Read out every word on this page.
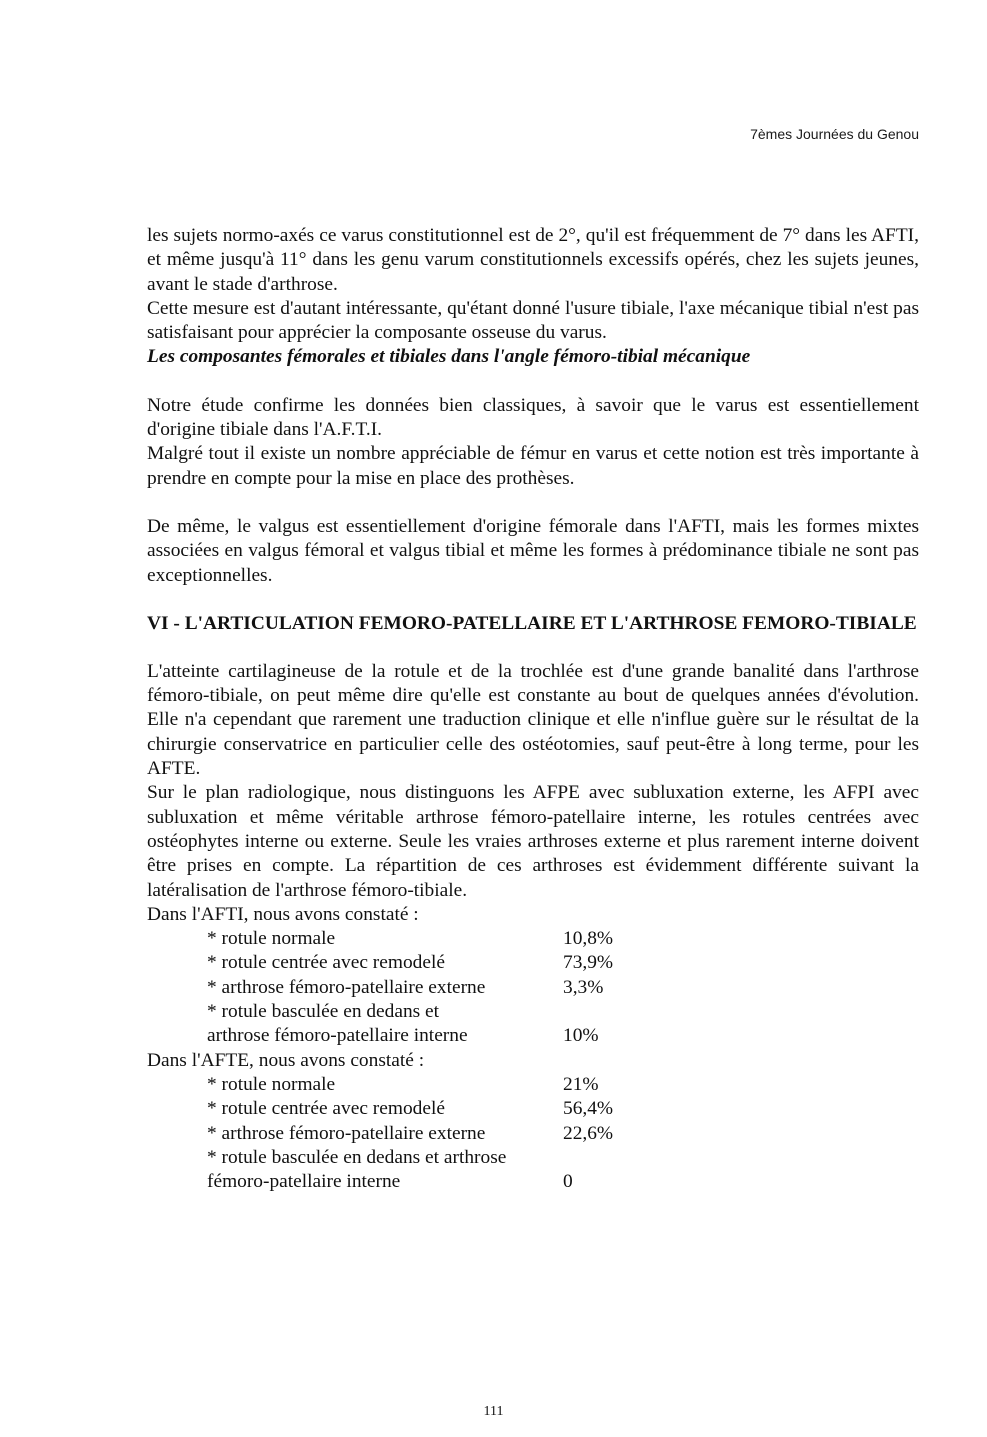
7èmes Journées du Genou

les sujets normo-axés ce varus constitutionnel est de 2°, qu'il est fréquemment de 7° dans les AFTI, et même jusqu'à 11° dans les genu varum constitutionnels excessifs opérés, chez les sujets jeunes, avant le stade d'arthrose.

Cette mesure est d'autant intéressante, qu'étant donné l'usure tibiale, l'axe mécanique tibial n'est pas satisfaisant pour apprécier la composante osseuse du varus.

Les composantes fémorales et tibiales dans l'angle fémoro-tibial mécanique

Notre étude confirme les données bien classiques, à savoir que le varus est essentiellement d'origine tibiale dans l'A.F.T.I.

Malgré tout il existe un nombre appréciable de fémur en varus et cette notion est très importante à prendre en compte pour la mise en place des prothèses.

De même, le valgus est essentiellement d'origine fémorale dans l'AFTI, mais les formes mixtes associées en valgus fémoral et valgus tibial et même les formes à prédominance tibiale ne sont pas exceptionnelles.

VI - L'ARTICULATION FEMORO-PATELLAIRE ET L'ARTHROSE FEMORO-TIBIALE

L'atteinte cartilagineuse de la rotule et de la trochlée est d'une grande banalité dans l'arthrose fémoro-tibiale, on peut même dire qu'elle est constante au bout de quelques années d'évolution. Elle n'a cependant que rarement une traduction clinique et elle n'influe guère sur le résultat de la chirurgie conservatrice en particulier celle des ostéotomies, sauf peut-être à long terme, pour les AFTE.

Sur le plan radiologique, nous distinguons les AFPE avec subluxation externe, les AFPI avec subluxation et même véritable arthrose fémoro-patellaire interne, les rotules centrées avec ostéophytes interne ou externe. Seule les vraies arthroses externe et plus rarement interne doivent être prises en compte. La répartition de ces arthroses est évidemment différente suivant la latéralisation de l'arthrose fémoro-tibiale.

Dans l'AFTI, nous avons constaté :
* rotule normale	10,8%
* rotule centrée avec remodelé	73,9%
* arthrose fémoro-patellaire externe	3,3%
* rotule basculée en dedans et
arthrose fémoro-patellaire interne	10%
Dans l'AFTE, nous avons constaté :
* rotule normale	21%
* rotule centrée avec remodelé	56,4%
* arthrose fémoro-patellaire externe	22,6%
* rotule basculée en dedans et arthrose
fémoro-patellaire interne	0
111
